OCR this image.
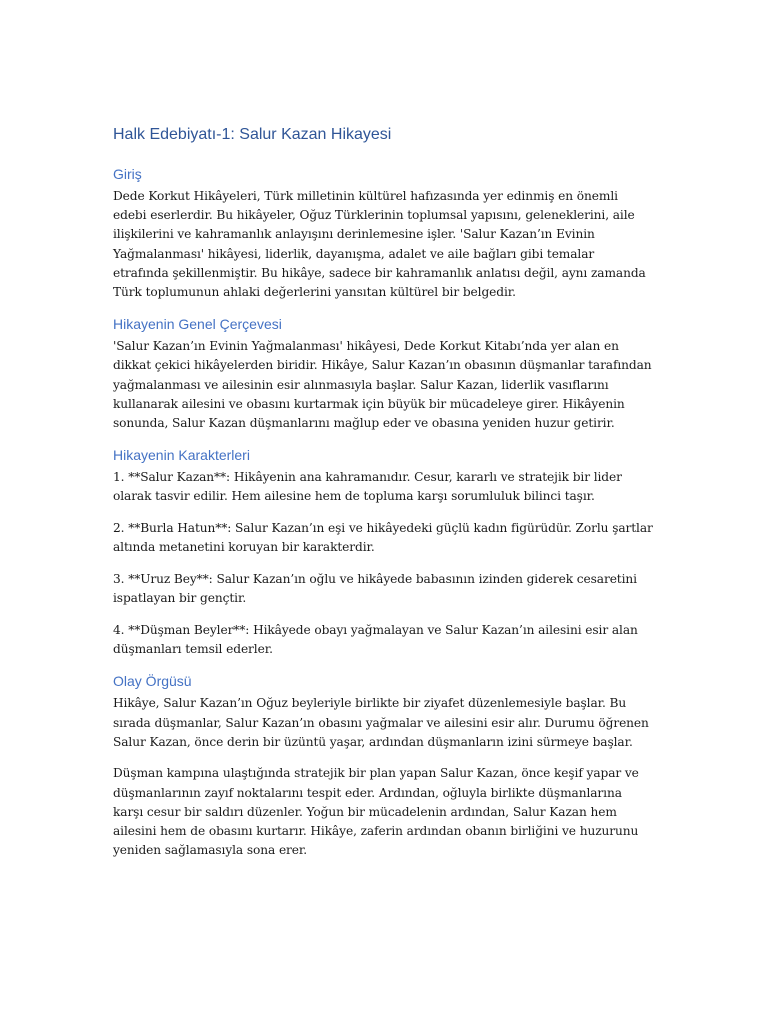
Halk Edebiyatı-1: Salur Kazan Hikayesi
Giriş

Dede Korkut Hikâyeleri, Türk milletinin kültürel hafızasında yer edinmiş en önemli edebi eserlerdir. Bu hikâyeler, Oğuz Türklerinin toplumsal yapısını, geleneklerini, aile ilişkilerini ve kahramanlık anlayışını derinlemesine işler. 'Salur Kazan’ın Evinin Yağmalanması' hikâyesi, liderlik, dayanışma, adalet ve aile bağları gibi temalar etrafında şekillenmiştir. Bu hikâye, sadece bir kahramanlık anlatısı değil, aynı zamanda Türk toplumunun ahlaki değerlerini yansıtan kültürel bir belgedir.

Hikayenin Genel Çerçevesi

'Salur Kazan’ın Evinin Yağmalanması' hikâyesi, Dede Korkut Kitabı’nda yer alan en dikkat çekici hikâyelerden biridir. Hikâye, Salur Kazan’ın obasının düşmanlar tarafından yağmalanması ve ailesinin esir alınmasıyla başlar. Salur Kazan, liderlik vasıflarını kullanarak ailesini ve obasını kurtarmak için büyük bir mücadeleye girer. Hikâyenin sonunda, Salur Kazan düşmanlarını mağlup eder ve obasına yeniden huzur getirir.

Hikayenin Karakterleri

1. **Salur Kazan**: Hikâyenin ana kahramanıdır. Cesur, kararlı ve stratejik bir lider olarak tasvir edilir. Hem ailesine hem de topluma karşı sorumluluk bilinci taşır.

2. **Burla Hatun**: Salur Kazan’ın eşi ve hikâyedeki güçlü kadın figürüdür. Zorlu şartlar altında metanetini koruyan bir karakterdir.

3. **Uruz Bey**: Salur Kazan’ın oğlu ve hikâyede babasının izinden giderek cesaretini ispatlayan bir gençtir.

4. **Düşman Beyler**: Hikâyede obayı yağmalayan ve Salur Kazan’ın ailesini esir alan düşmanları temsil ederler.

Olay Örgüsü

Hikâye, Salur Kazan’ın Oğuz beyleriyle birlikte bir ziyafet düzenlemesiyle başlar. Bu sırada düşmanlar, Salur Kazan’ın obasını yağmalar ve ailesini esir alır. Durumu öğrenen Salur Kazan, önce derin bir üzüntü yaşar, ardından düşmanların izini sürmeye başlar.

Düşman kampına ulaştığında stratejik bir plan yapan Salur Kazan, önce keşif yapar ve düşmanlarının zayıf noktalarını tespit eder. Ardından, oğluyla birlikte düşmanlarına karşı cesur bir saldırı düzenler. Yoğun bir mücadelenin ardından, Salur Kazan hem ailesini hem de obasını kurtarır. Hikâye, zaferin ardından obanın birliğini ve huzurunu yeniden sağlamasıyla sona erer.
